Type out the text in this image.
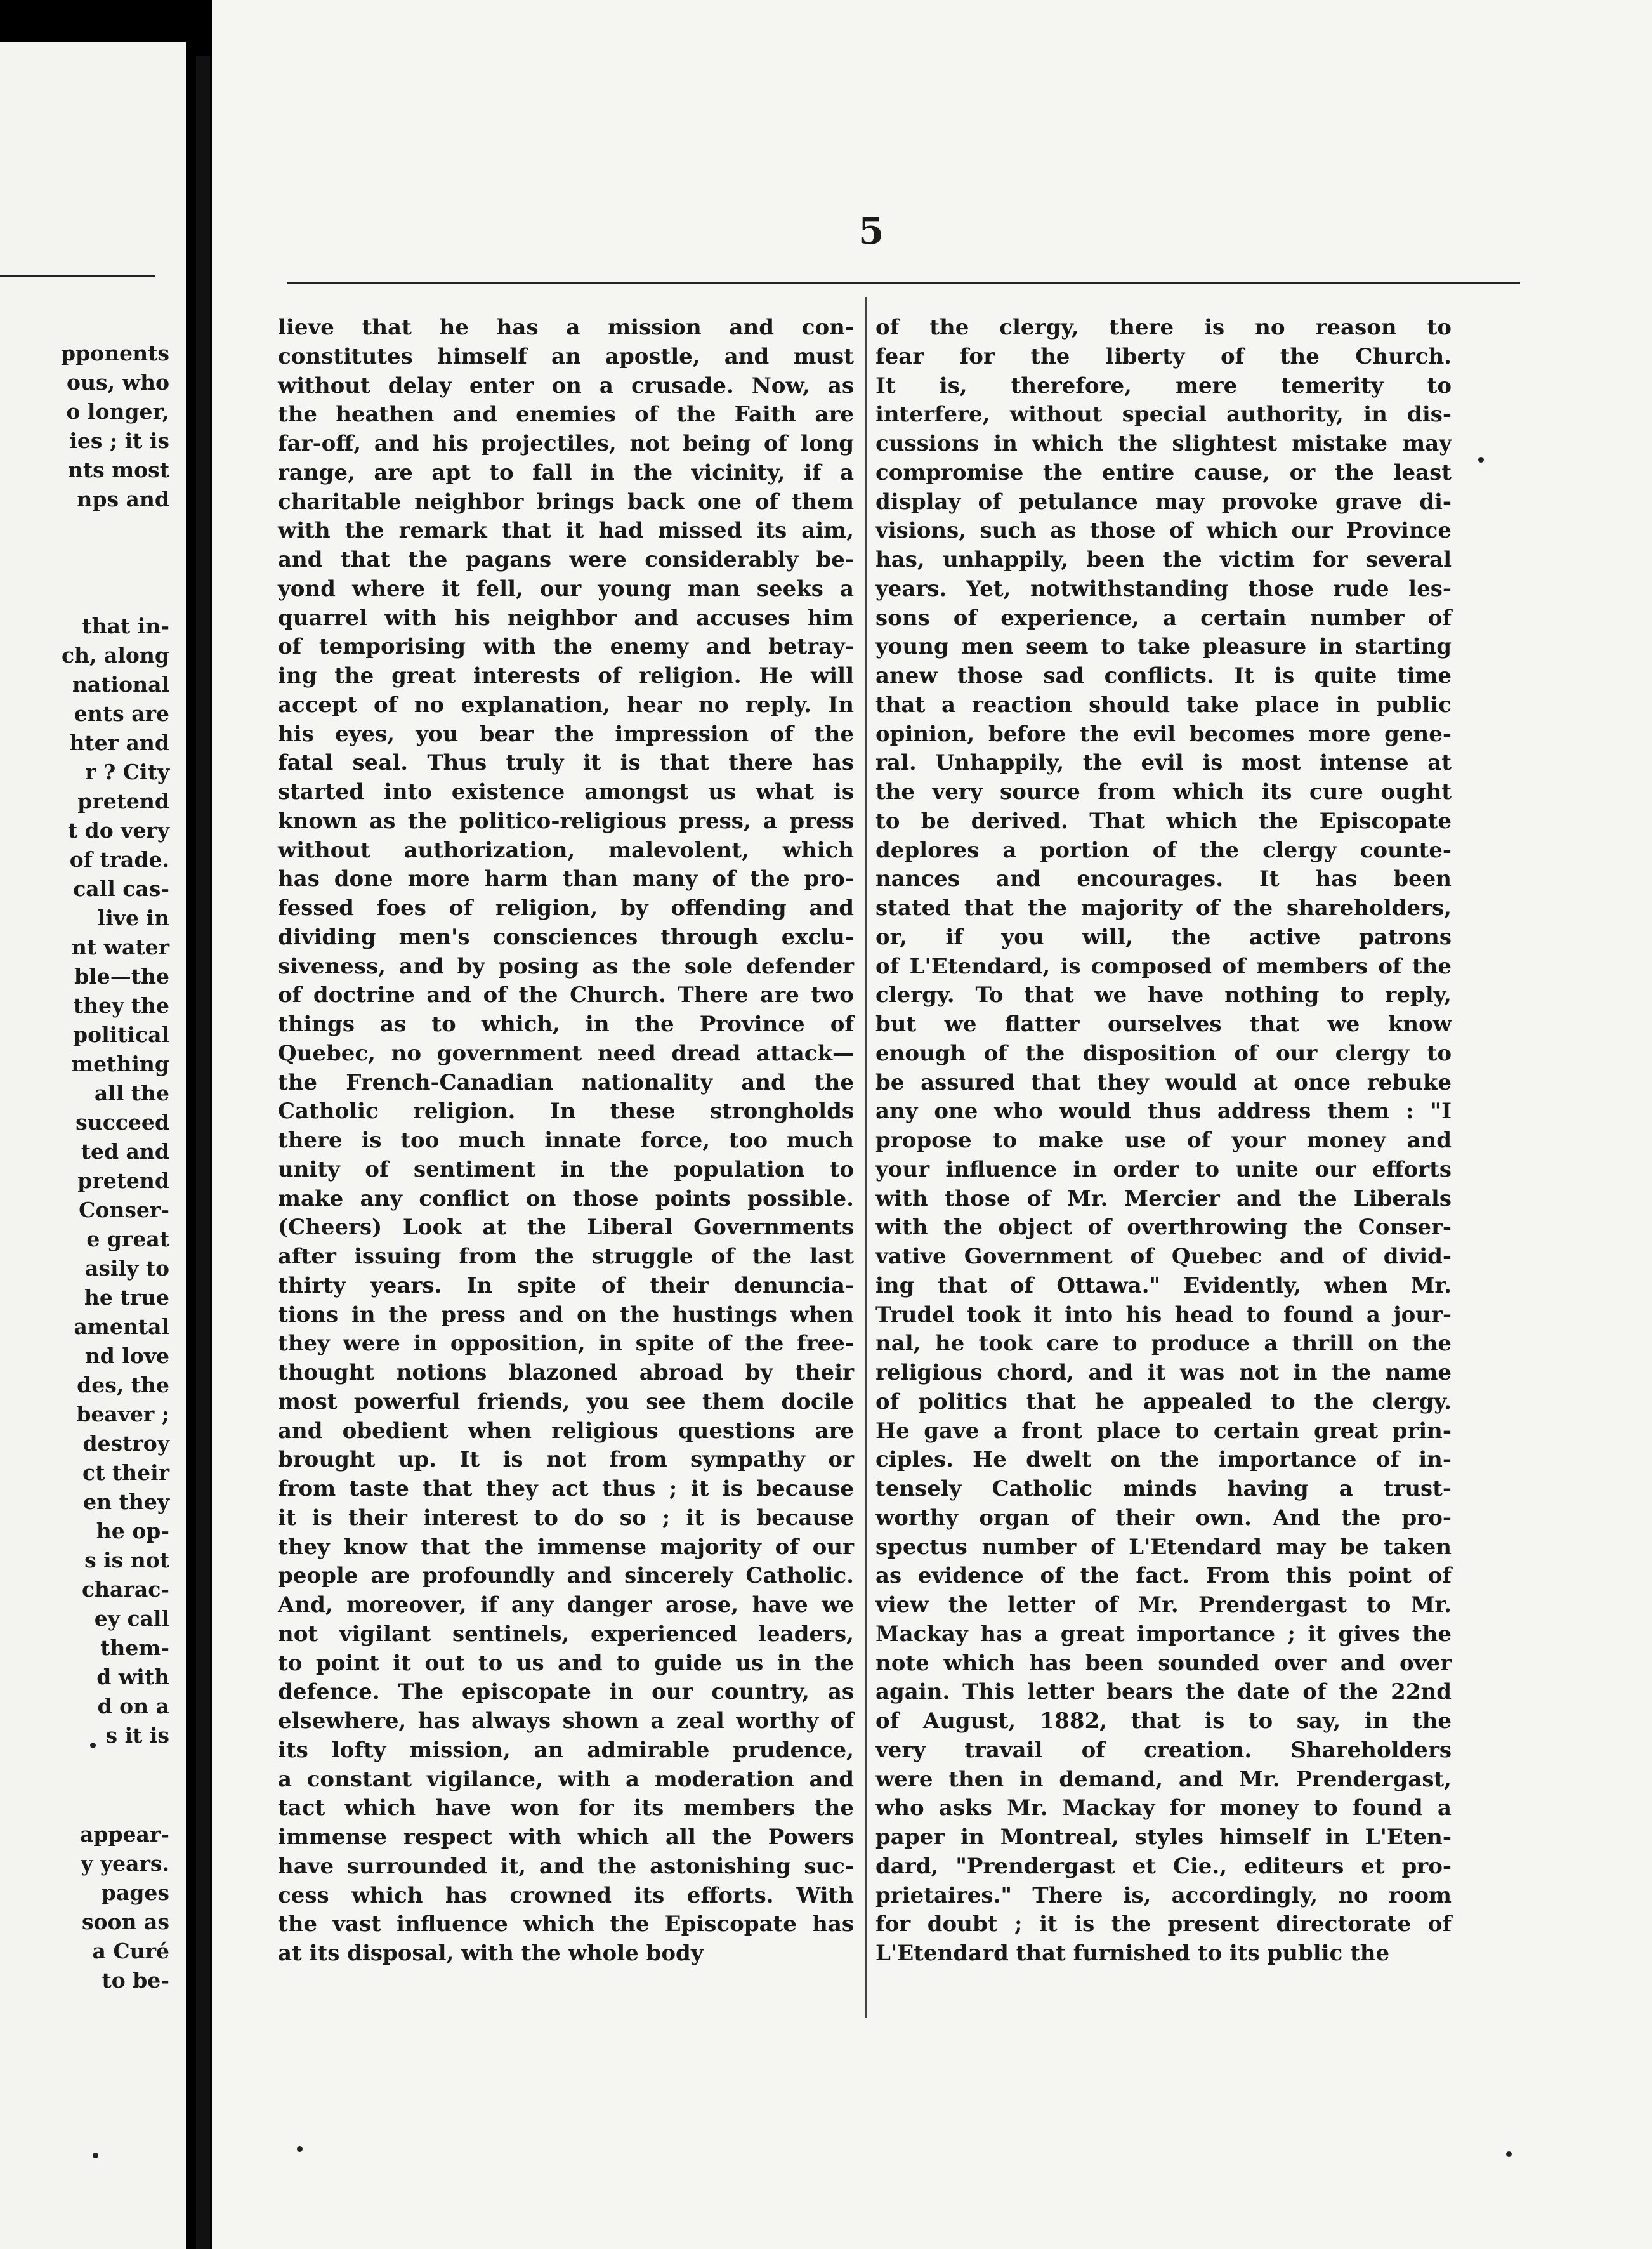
pponents
ous, who
o longer,
ies ; it is
nts most
nps and
that in-
ch, along
national
ents are
hter and
r ? City
pretend
t do very
of trade.
call cas-
live in
nt water
ble—the
they the
political
mething
all the
succeed
ted and
pretend
Conser-
e great
asily to
he true
amental
nd love
des, the
beaver ;
destroy
ct their
en they
he op-
s is not
charac-
ey call
them-
d with
d on a
s it is
appear-
y years.
pages
soon as
a Curé
to be-
5
lieve that he has a mission and con-
constitutes himself an apostle, and must
without delay enter on a crusade. Now, as
the heathen and enemies of the Faith are
far-off, and his projectiles, not being of long
range, are apt to fall in the vicinity, if a
charitable neighbor brings back one of them
with the remark that it had missed its aim,
and that the pagans were considerably be-
yond where it fell, our young man seeks a
quarrel with his neighbor and accuses him
of temporising with the enemy and betray-
ing the great interests of religion. He will
accept of no explanation, hear no reply. In
his eyes, you bear the impression of the
fatal seal. Thus truly it is that there has
started into existence amongst us what is
known as the politico-religious press, a press
without authorization, malevolent, which
has done more harm than many of the pro-
fessed foes of religion, by offending and
dividing men's consciences through exclu-
siveness, and by posing as the sole defender
of doctrine and of the Church. There are two
things as to which, in the Province of
Quebec, no government need dread attack—
the French-Canadian nationality and the
Catholic religion. In these strongholds
there is too much innate force, too much
unity of sentiment in the population to
make any conflict on those points possible.
(Cheers) Look at the Liberal Governments
after issuing from the struggle of the last
thirty years. In spite of their denuncia-
tions in the press and on the hustings when
they were in opposition, in spite of the free-
thought notions blazoned abroad by their
most powerful friends, you see them docile
and obedient when religious questions are
brought up. It is not from sympathy or
from taste that they act thus ; it is because
it is their interest to do so ; it is because
they know that the immense majority of our
people are profoundly and sincerely Catholic.
And, moreover, if any danger arose, have we
not vigilant sentinels, experienced leaders,
to point it out to us and to guide us in the
defence. The episcopate in our country, as
elsewhere, has always shown a zeal worthy of
its lofty mission, an admirable prudence,
a constant vigilance, with a moderation and
tact which have won for its members the
immense respect with which all the Powers
have surrounded it, and the astonishing suc-
cess which has crowned its efforts. With
the vast influence which the Episcopate has
at its disposal, with the whole body
of the clergy, there is no reason to
fear for the liberty of the Church.
It is, therefore, mere temerity to
interfere, without special authority, in dis-
cussions in which the slightest mistake may
compromise the entire cause, or the least
display of petulance may provoke grave di-
visions, such as those of which our Province
has, unhappily, been the victim for several
years. Yet, notwithstanding those rude les-
sons of experience, a certain number of
young men seem to take pleasure in starting
anew those sad conflicts. It is quite time
that a reaction should take place in public
opinion, before the evil becomes more gene-
ral. Unhappily, the evil is most intense at
the very source from which its cure ought
to be derived. That which the Episcopate
deplores a portion of the clergy counte-
nances and encourages. It has been
stated that the majority of the shareholders,
or, if you will, the active patrons
of L'Etendard, is composed of members of the
clergy. To that we have nothing to reply,
but we flatter ourselves that we know
enough of the disposition of our clergy to
be assured that they would at once rebuke
any one who would thus address them : "I
propose to make use of your money and
your influence in order to unite our efforts
with those of Mr. Mercier and the Liberals
with the object of overthrowing the Conser-
vative Government of Quebec and of divid-
ing that of Ottawa." Evidently, when Mr.
Trudel took it into his head to found a jour-
nal, he took care to produce a thrill on the
religious chord, and it was not in the name
of politics that he appealed to the clergy.
He gave a front place to certain great prin-
ciples. He dwelt on the importance of in-
tensely Catholic minds having a trust-
worthy organ of their own. And the pro-
spectus number of L'Etendard may be taken
as evidence of the fact. From this point of
view the letter of Mr. Prendergast to Mr.
Mackay has a great importance ; it gives the
note which has been sounded over and over
again. This letter bears the date of the 22nd
of August, 1882, that is to say, in the
very travail of creation. Shareholders
were then in demand, and Mr. Prendergast,
who asks Mr. Mackay for money to found a
paper in Montreal, styles himself in L'Eten-
dard, "Prendergast et Cie., editeurs et pro-
prietaires." There is, accordingly, no room
for doubt ; it is the present directorate of
L'Etendard that furnished to its public the
